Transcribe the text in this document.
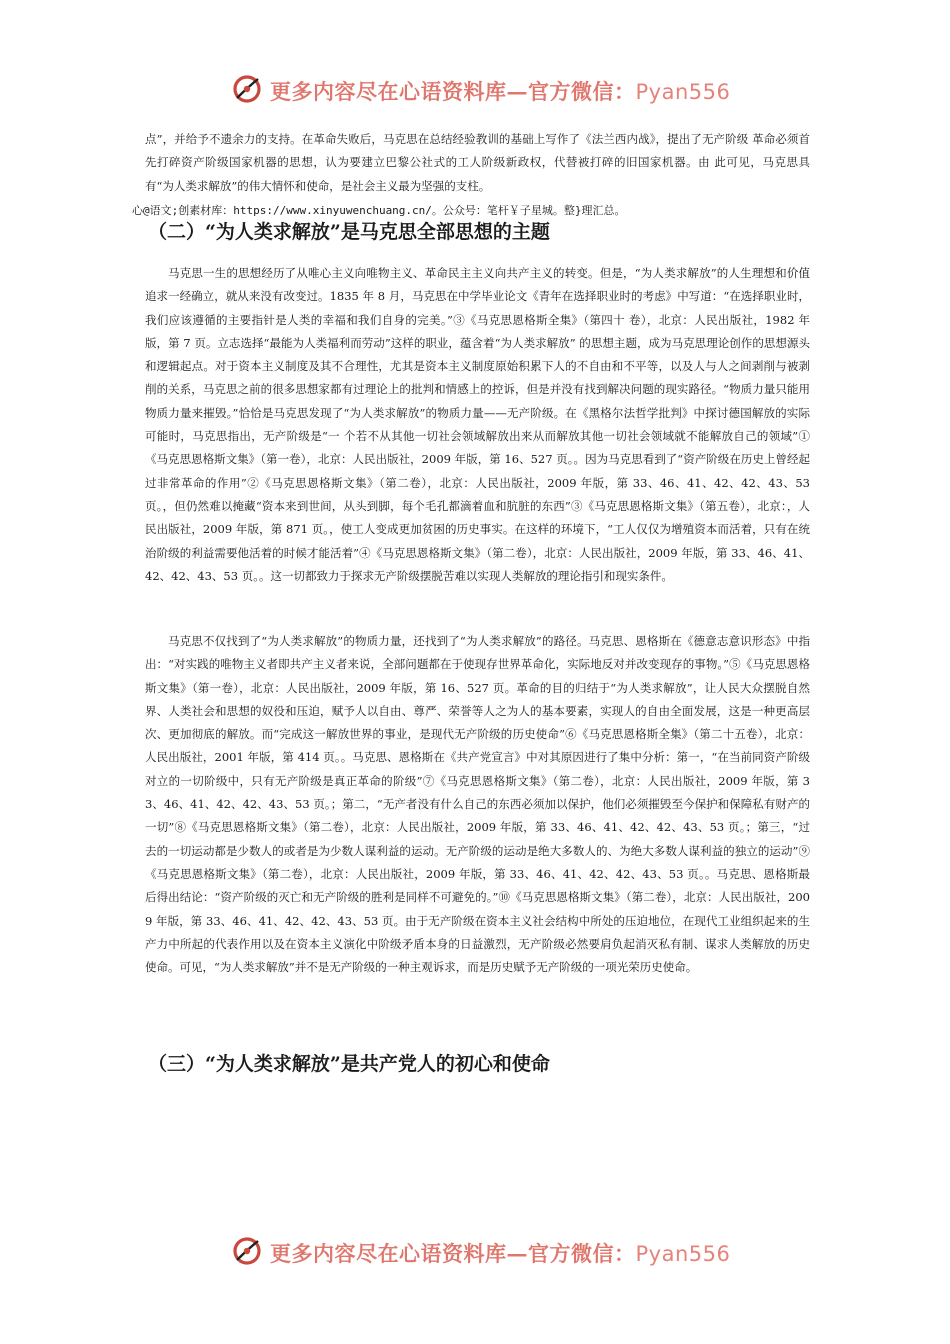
更多内容尽在心语资料库—官方微信：Pyan556

点”，并给予不遗余力的支持。在革命失败后，马克思在总结经验教训的基础上写作了《法兰西内战》，提出了无产阶级 革命必须首先打碎资产阶级国家机器的思想，认为要建立巴黎公社式的工人阶级新政权，代替被打碎的旧国家机器。由 此可见，马克思具有“为人类求解放”的伟大情怀和使命，是社会主义最为坚强的支柱。

心@语文;创素材库：https://www.xinyuwenchuang.cn/。公众号：笔杆￥子星城。整}理汇总。
（二）“为人类求解放”是马克思全部思想的主题

马克思一生的思想经历了从唯心主义向唯物主义、革命民主主义向共产主义的转变。但是，“为人类求解放”的人生理想和价值追求一经确立，就从来没有改变过。1835 年 8 月，马克思在中学毕业论文《青年在选择职业时的考虑》中写道：“在选择职业时，我们应该遵循的主要指针是人类的幸福和我们自身的完美。”③《马克思恩格斯全集》（第四十 卷），北京：人民出版社，1982 年版，第 7 页。立志选择“最能为人类福利而劳动”这样的职业，蕴含着“为人类求解放” 的思想主题，成为马克思理论创作的思想源头和逻辑起点。对于资本主义制度及其不合理性，尤其是资本主义制度原始积累下人的不自由和不平等，以及人与人之间剥削与被剥削的关系，马克思之前的很多思想家都有过理论上的批判和情感上的控诉，但是并没有找到解决问题的现实路径。“物质力量只能用物质力量来摧毁。”恰恰是马克思发现了“为人类求解放”的物质力量——无产阶级。在《黑格尔法哲学批判》中探讨德国解放的实际可能时，马克思指出，无产阶级是“一 个若不从其他一切社会领域解放出来从而解放其他一切社会领域就不能解放自己的领域”①《马克思恩格斯文集》（第一卷），北京：人民出版社，2009 年版，第 16、527 页。。因为马克思看到了“资产阶级在历史上曾经起过非常革命的作用”②《马克思恩格斯文集》（第二卷），北京：人民出版社，2009 年版，第 33、46、41、42、42、43、53 页。，但仍然难以掩藏“资本来到世间，从头到脚，每个毛孔都滴着血和肮脏的东西”③《马克思恩格斯文集》（第五卷），北京：，人民出版社，2009 年版，第 871 页。，使工人变成更加贫困的历史事实。在这样的环境下，“工人仅仅为增殖资本而活着，只有在统治阶级的利益需要他活着的时候才能活着”④《马克思恩格斯文集》（第二卷），北京：人民出版社，2009 年版，第 33、46、41、42、42、43、53 页。。这一切都致力于探求无产阶级摆脱苦难以实现人类解放的理论指引和现实条件。

马克思不仅找到了“为人类求解放”的物质力量，还找到了“为人类求解放”的路径。马克思、恩格斯在《德意志意识形态》中指出：“对实践的唯物主义者即共产主义者来说，全部问题都在于使现存世界革命化，实际地反对并改变现存的事物。”⑤《马克思恩格斯文集》（第一卷），北京：人民出版社，2009 年版，第 16、527 页。革命的目的归结于“为人类求解放”，让人民大众摆脱自然界、人类社会和思想的奴役和压迫，赋予人以自由、尊严、荣誉等人之为人的基本要素，实现人的自由全面发展，这是一种更高层次、更加彻底的解放。而“完成这一解放世界的事业，是现代无产阶级的历史使命”⑥《马克思恩格斯全集》（第二十五卷），北京：人民出版社，2001 年版，第 414 页。。马克思、恩格斯在《共产党宣言》中对其原因进行了集中分析：第一，“在当前同资产阶级对立的一切阶级中，只有无产阶级是真正革命的阶级”⑦《马克思恩格斯文集》（第二卷），北京：人民出版社，2009 年版，第 33、46、41、42、42、43、53 页。；第二，“无产者没有什么自己的东西必须加以保护，他们必须摧毁至今保护和保障私有财产的一切”⑧《马克思恩格斯文集》（第二卷），北京：人民出版社，2009 年版，第 33、46、41、42、42、43、53 页。；第三，“过去的一切运动都是少数人的或者是为少数人谋利益的运动。无产阶级的运动是绝大多数人的、为绝大多数人谋利益的独立的运动”⑨《马克思恩格斯文集》（第二卷），北京：人民出版社，2009 年版，第 33、46、41、42、42、43、53 页。。马克思、恩格斯最后得出结论：“资产阶级的灭亡和无产阶级的胜利是同样不可避免的。”⑩《马克思恩格斯文集》（第二卷），北京：人民出版社，2009 年版，第 33、46、41、42、42、43、53 页。由于无产阶级在资本主义社会结构中所处的压迫地位，在现代工业组织起来的生产力中所起的代表作用以及在资本主义演化中阶级矛盾本身的日益激烈，无产阶级必然要肩负起消灭私有制、谋求人类解放的历史使命。可见，“为人类求解放”并不是无产阶级的一种主观诉求，而是历史赋予无产阶级的一项光荣历史使命。

（三）“为人类求解放”是共产党人的初心和使命
更多内容尽在心语资料库—官方微信：Pyan556
